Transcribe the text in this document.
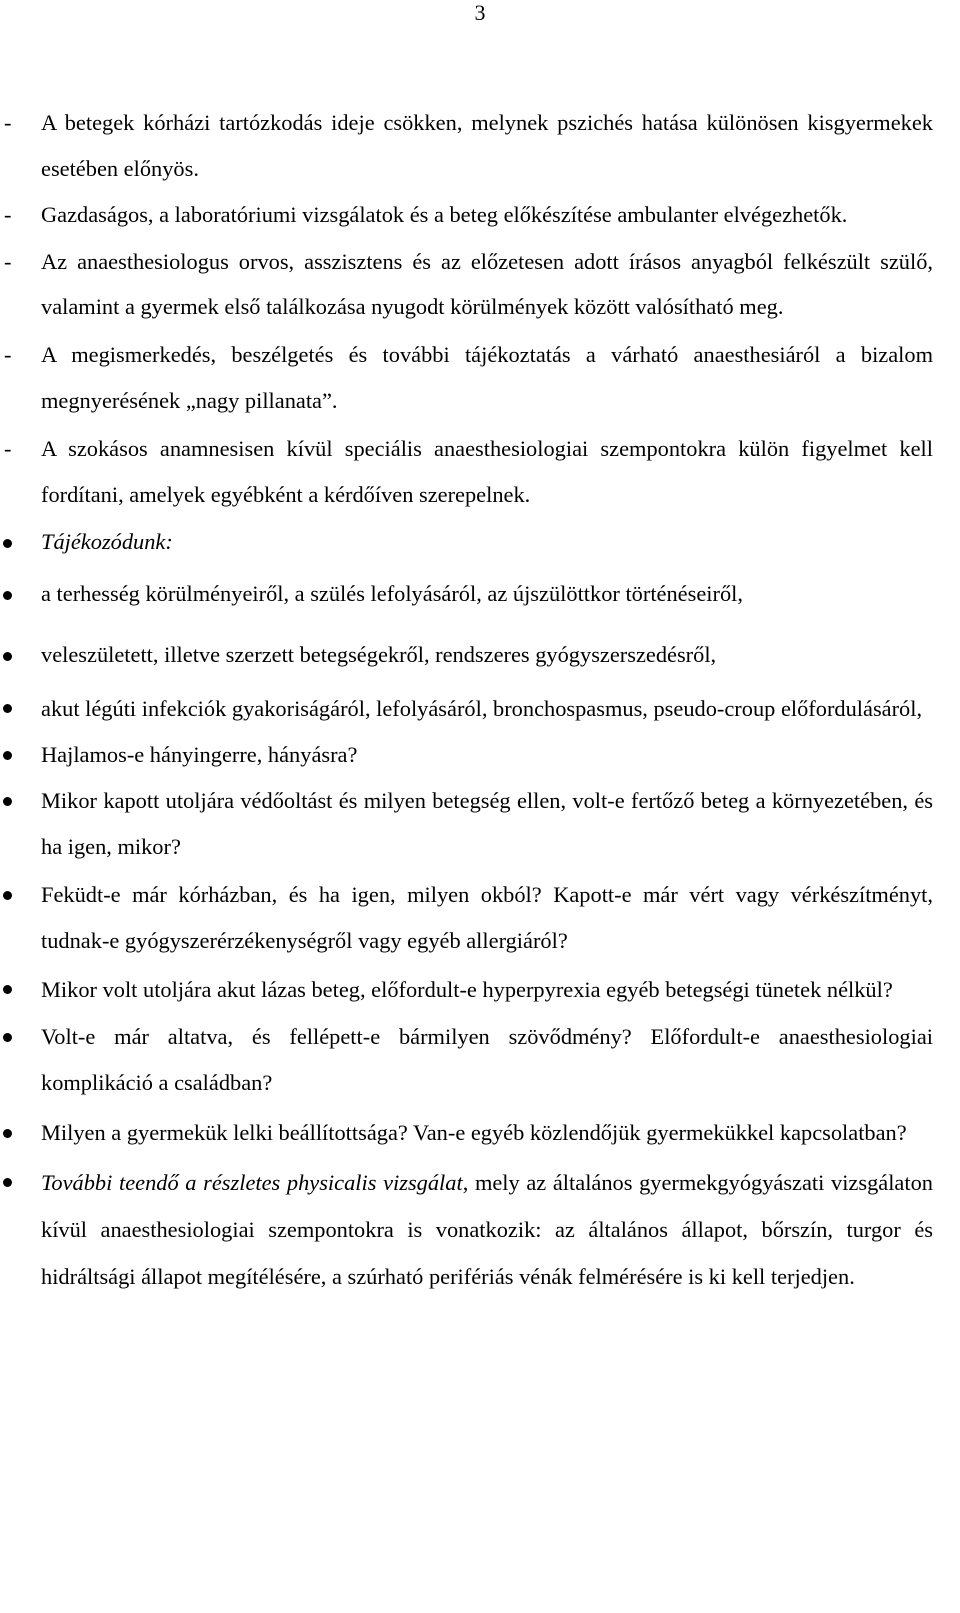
3
- A betegek kórházi tartózkodás ideje csökken, melynek pszichés hatása különösen kisgyermekek esetében előnyös.
- Gazdaságos, a laboratóriumi vizsgálatok és a beteg előkészítése ambulanter elvégezhetők.
- Az anaesthesiologus orvos, asszisztens és az előzetesen adott írásos anyagból felkészült szülő, valamint a gyermek első találkozása nyugodt körülmények között valósítható meg.
- A megismerkedés, beszélgetés és további tájékoztatás a várható anaesthesiáról a bizalom megnyerésének „nagy pillanata”.
- A szokásos anamnesisen kívül speciális anaesthesiologiai szempontokra külön figyelmet kell fordítani, amelyek egyébként a kérdőíven szerepelnek.
Tájékozódunk:
a terhesség körülményeiről, a szülés lefolyásáról, az újszülöttkor történéseiről,
veleszületett, illetve szerzett betegségekről, rendszeres gyógyszerszedésről,
akut légúti infekciók gyakoriságáról, lefolyásáról, bronchospasmus, pseudo-croup előfordulásáról,
Hajlamos-e hányingerre, hányásra?
Mikor kapott utoljára védőoltást és milyen betegség ellen, volt-e fertőző beteg a környezetében, és ha igen, mikor?
Feküdt-e már kórházban, és ha igen, milyen okból? Kapott-e már vért vagy vérkészítményt, tudnak-e gyógyszerérzékenységről vagy egyéb allergiáról?
Mikor volt utoljára akut lázas beteg, előfordult-e hyperpyrexia egyéb betegségi tünetek nélkül?
Volt-e már altatva, és fellépett-e bármilyen szövődmény? Előfordult-e anaesthesiologiai komplikáció a családban?
Milyen a gyermekük lelki beállítottsága? Van-e egyéb közlendőjük gyermekükkel kapcsolatban?
További teendő a részletes physicalis vizsgálat, mely az általános gyermekgyógyászati vizsgálaton kívül anaesthesiologiai szempontokra is vonatkozik: az általános állapot, bőrszín, turgor és hidráltsági állapot megítélésére, a szúrható perifériás vénák felmérésére is ki kell terjedjen.
